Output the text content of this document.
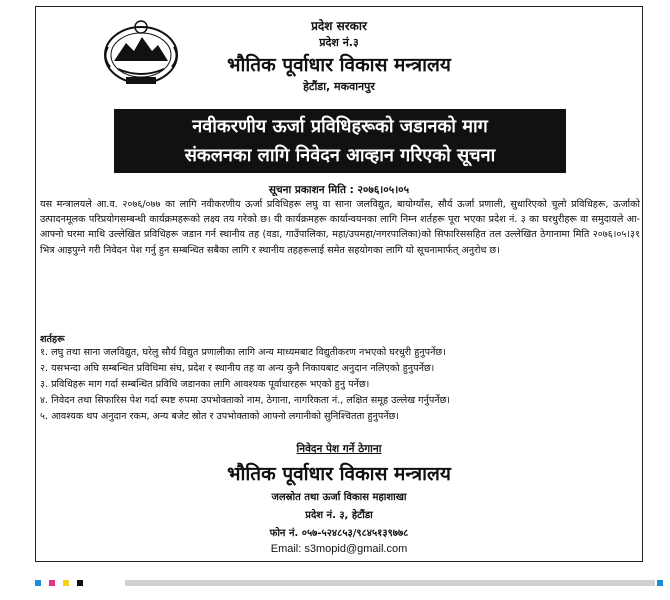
प्रदेश सरकार
प्रदेश नं.३
भौतिक पूर्वाधार विकास मन्त्रालय
हेटौंडा, मकवानपुर
नवीकरणीय ऊर्जा प्रविधिहरूको जडानको माग
संकलनका लागि निवेदन आव्हान गरिएको सूचना
सूचना प्रकाशन मिति : २०७६।०५।०५

यस मन्त्रालयले आ.व. २०७६/०७७ का लागि नवीकरणीय ऊर्जा प्रविधिहरू लघु वा साना जलविद्युत, बायोग्याँस, सौर्य ऊर्जा प्रणाली, सुधारिएको चुलो प्रविधिहरू, ऊर्जाको उत्पादनमूलक परिप्रयोगसम्बन्धी कार्यक्रमहरूको लक्ष्य तय गरेको छ। यी कार्यक्रमहरू कार्यान्वयनका लागि निम्न शर्तहरू पूरा भएका प्रदेश नं. ३ का घरधुरीहरू वा समुदायले आ-आफ्नो घरमा माथि उल्लेखित प्रविधिहरू जडान गर्न स्थानीय तह (वडा, गाउँपालिका, महा/उपमहा/नगरपालिका)को सिफारिससहित तल उल्लेखित ठेगानामा मिति २०७६।०५।३१ भित्र आइपुग्ने गरी निवेदन पेश गर्नु हुन सम्बन्धित सबैका लागि र स्थानीय तहहरूलाई समेत सहयोगका लागि यो सूचनामार्फत् अनुरोध छ।

शर्तहरू
१. लघु तथा साना जलविद्युत, घरेलु सौर्य विद्युत प्रणालीका लागि अन्य माध्यमबाट विद्युतीकरण नभएको घरधुरी हुनुपर्नेछ।
२. यसभन्दा अघि सम्बन्धित प्रविधिमा संघ, प्रदेश र स्थानीय तह वा अन्य कुनै निकायबाट अनुदान नलिएको हुनुपर्नेछ।
३. प्रविधिहरू माग गर्दा सम्बन्धित प्रविधि जडानका लागि आवश्यक पूर्वाधारहरू भएको हुनु पर्नेछ।
४. निवेदन तथा सिफारिस पेश गर्दा स्पष्ट रुपमा उपभोक्ताको नाम, ठेगाना, नागरिकता नं., लक्षित समूह उल्लेख गर्नुपर्नेछ।
५. आवश्यक थप अनुदान रकम, अन्य बजेट स्रोत र उपभोक्ताको आफ्नो लगानीको सुनिश्चितता हुनुपर्नेछ।
निवेदन पेश गर्ने ठेगाना
भौतिक पूर्वाधार विकास मन्त्रालय
जलस्रोत तथा ऊर्जा विकास महाशाखा
प्रदेश नं. ३, हेटौंडा
फोन नं. ०५७-५२४८५३/९८४५१३९७७८
Email: s3mopid@gmail.com
